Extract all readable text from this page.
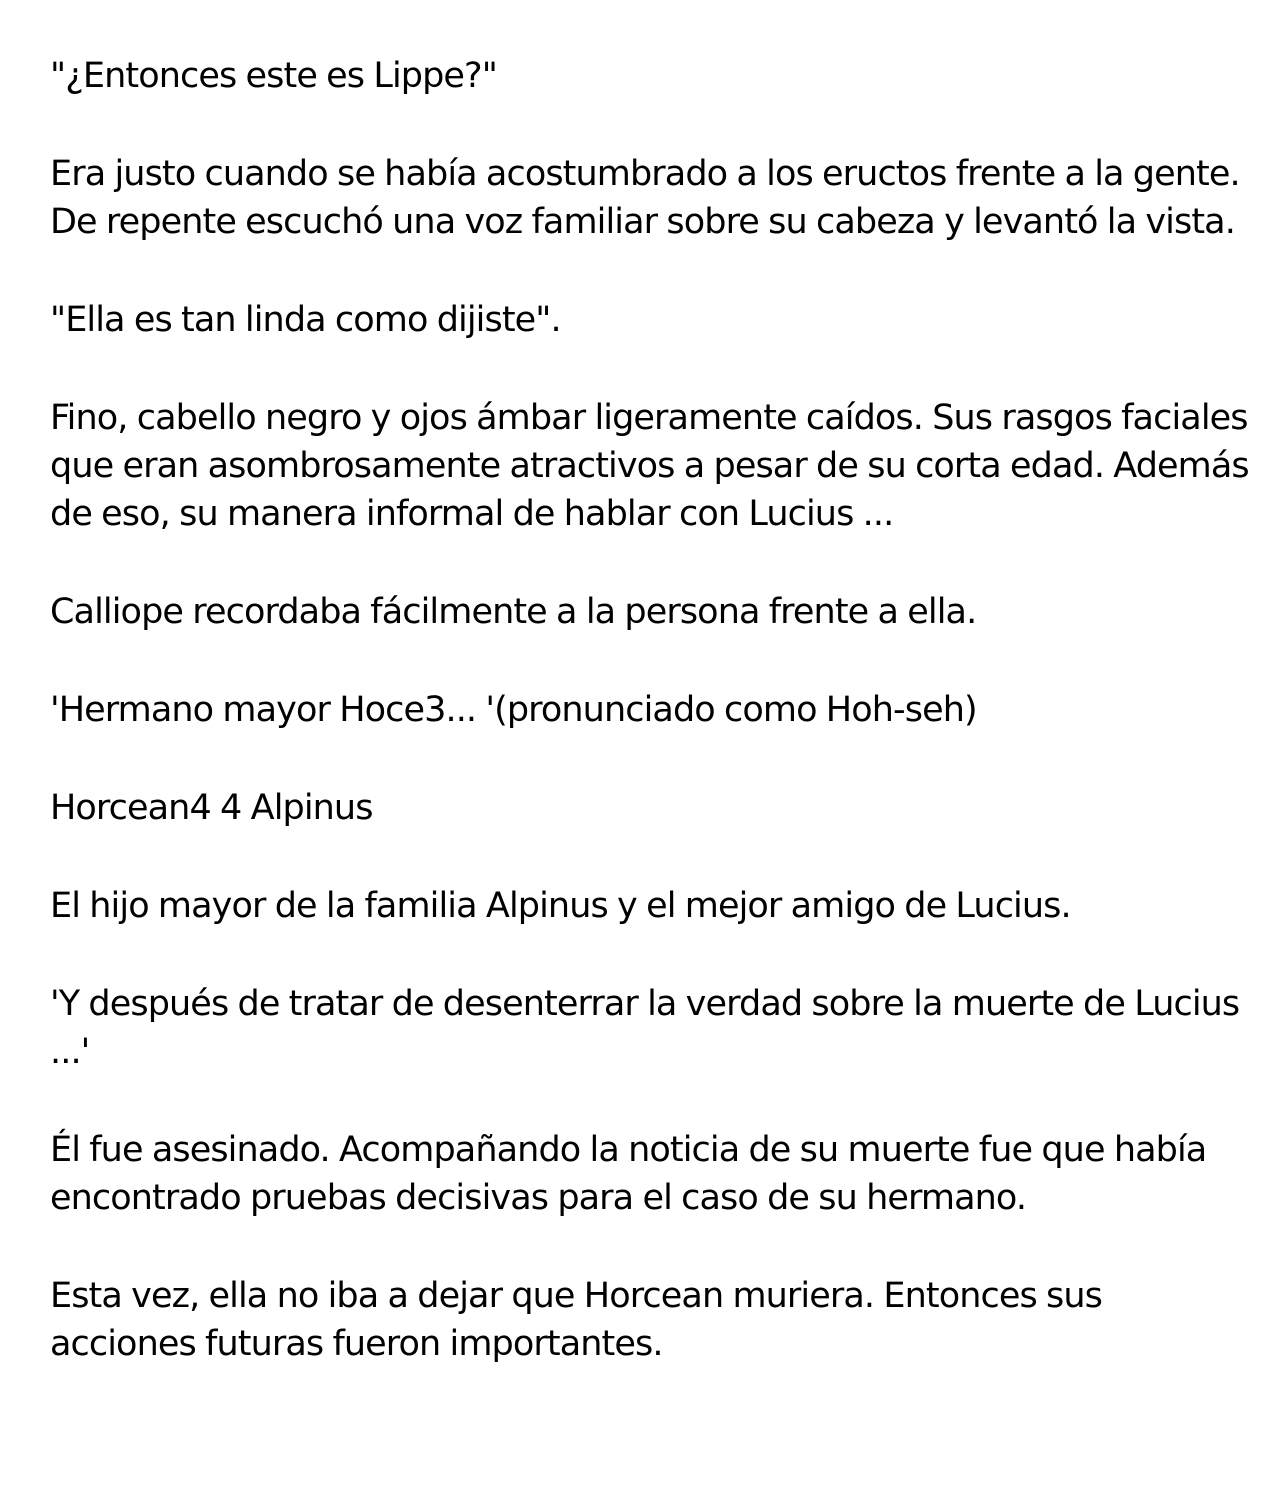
"¿Entonces este es Lippe?"

Era justo cuando se había acostumbrado a los eructos frente a la gente. De repente escuchó una voz familiar sobre su cabeza y levantó la vista.

"Ella es tan linda como dijiste".

Fino, cabello negro y ojos ámbar ligeramente caídos. Sus rasgos faciales que eran asombrosamente atractivos a pesar de su corta edad. Además de eso, su manera informal de hablar con Lucius ...

Calliope recordaba fácilmente a la persona frente a ella.

'Hermano mayor Hoce3... '(pronunciado como Hoh-seh)

Horcean4 4 Alpinus

El hijo mayor de la familia Alpinus y el mejor amigo de Lucius.

'Y después de tratar de desenterrar la verdad sobre la muerte de Lucius ...'

Él fue asesinado. Acompañando la noticia de su muerte fue que había encontrado pruebas decisivas para el caso de su hermano.

Esta vez, ella no iba a dejar que Horcean muriera. Entonces sus acciones futuras fueron importantes.
